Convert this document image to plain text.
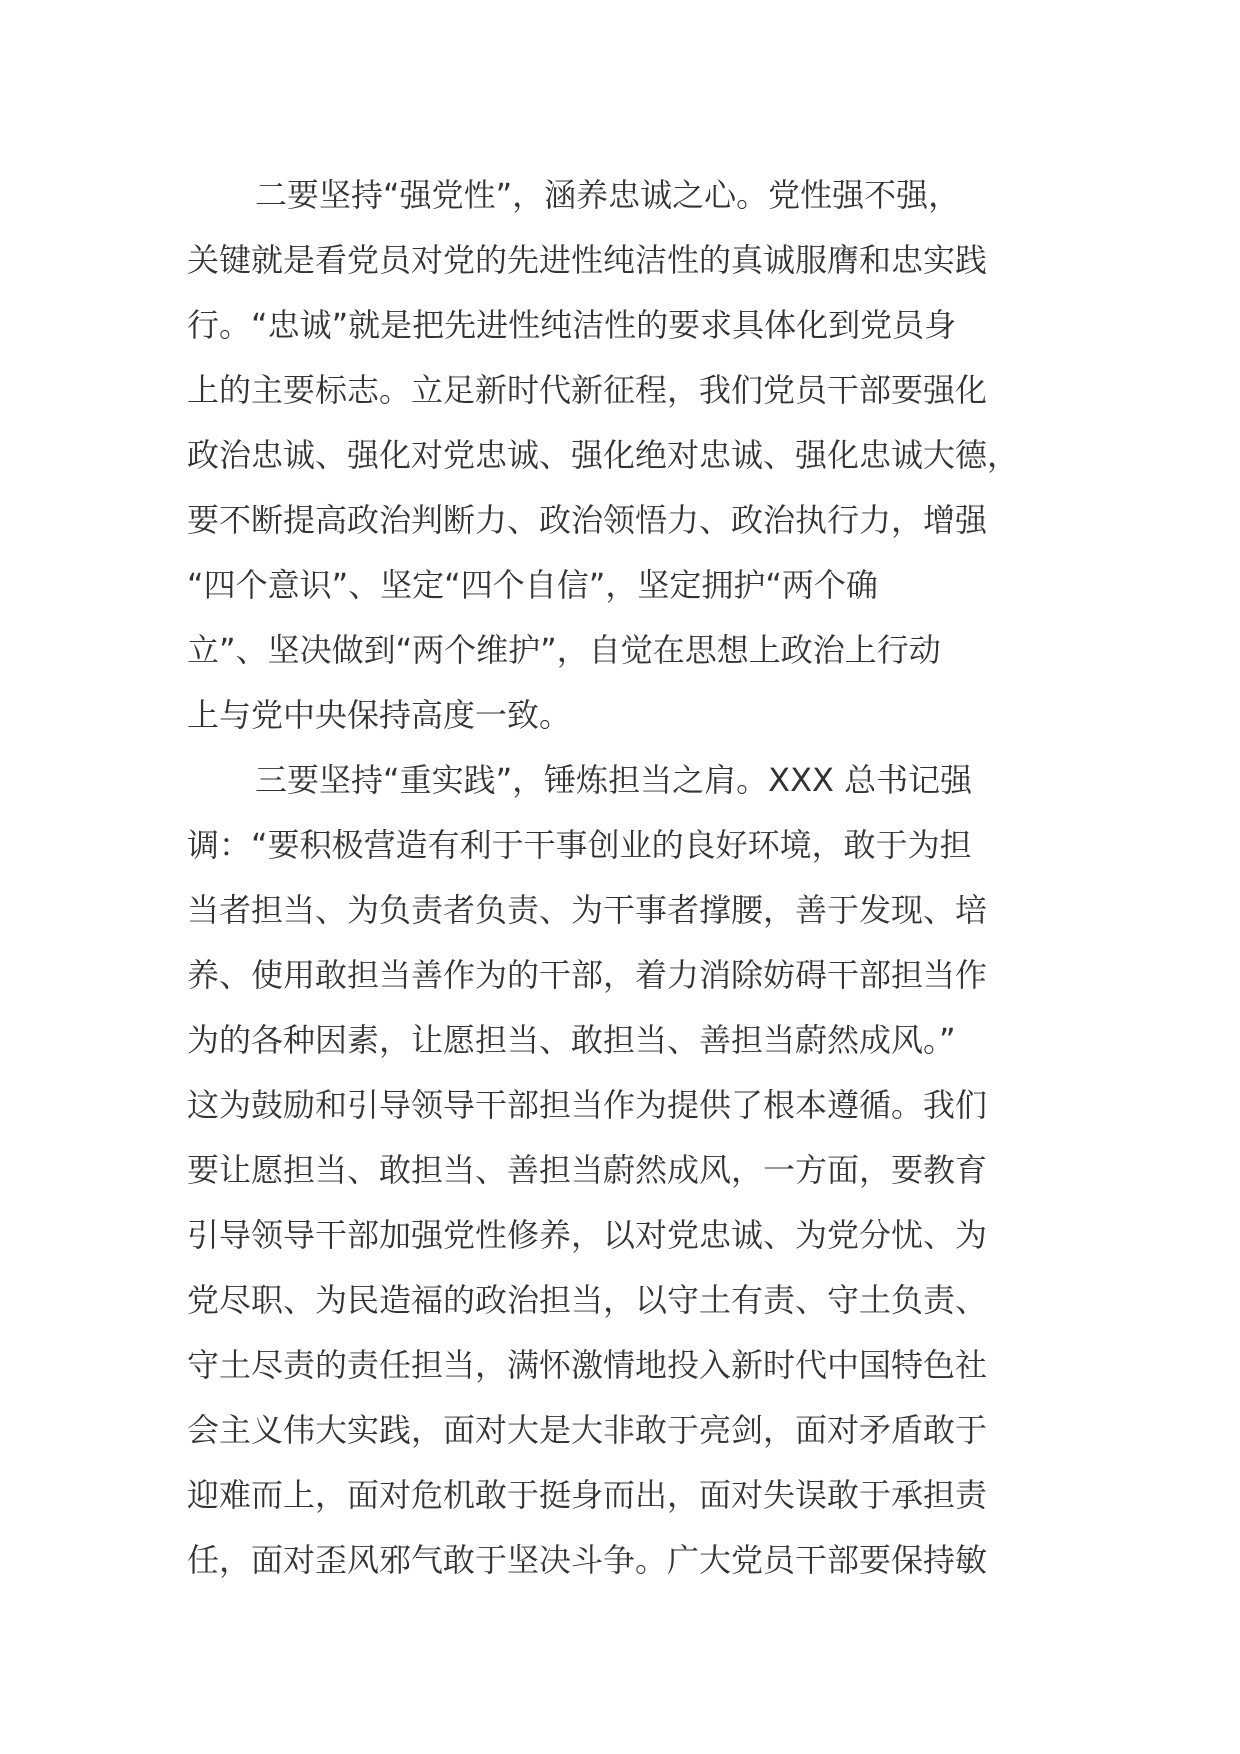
二要坚持“强党性”，涵养忠诚之心。党性强不强，
关键就是看党员对党的先进性纯洁性的真诚服膺和忠实践
行。“忠诚”就是把先进性纯洁性的要求具体化到党员身
上的主要标志。立足新时代新征程，我们党员干部要强化
政治忠诚、强化对党忠诚、强化绝对忠诚、强化忠诚大德，
要不断提高政治判断力、政治领悟力、政治执行力，增强
“四个意识”、坚定“四个自信”，坚定拥护“两个确
立”、坚决做到“两个维护”，自觉在思想上政治上行动
上与党中央保持高度一致。
三要坚持“重实践”，锤炼担当之肩。XXX 总书记强
调：“要积极营造有利于干事创业的良好环境，敢于为担
当者担当、为负责者负责、为干事者撑腰，善于发现、培
养、使用敢担当善作为的干部，着力消除妨碍干部担当作
为的各种因素，让愿担当、敢担当、善担当蔚然成风。”
这为鼓励和引导领导干部担当作为提供了根本遵循。我们
要让愿担当、敢担当、善担当蔚然成风，一方面，要教育
引导领导干部加强党性修养，以对党忠诚、为党分忧、为
党尽职、为民造福的政治担当，以守土有责、守土负责、
守土尽责的责任担当，满怀激情地投入新时代中国特色社
会主义伟大实践，面对大是大非敢于亮剑，面对矛盾敢于
迎难而上，面对危机敢于挺身而出，面对失误敢于承担责
任，面对歪风邪气敢于坚决斗争。广大党员干部要保持敏
